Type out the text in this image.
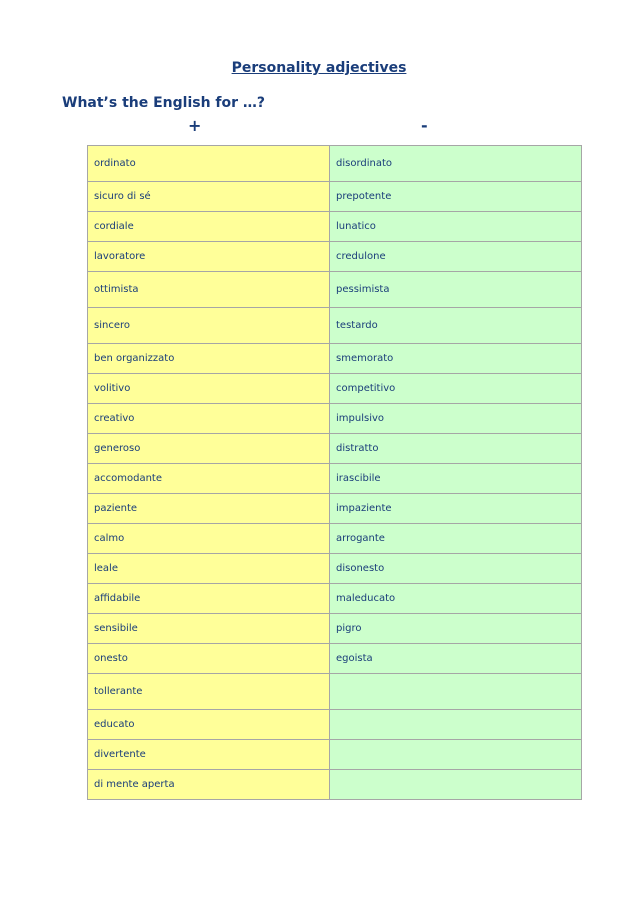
Personality adjectives
What’s the English for …?
+	-
ordinato	disordinato
sicuro di sé	prepotente
cordiale	lunatico
lavoratore	credulone
ottimista	pessimista
sincero	testardo
ben organizzato	smemorato
volitivo	competitivo
creativo	impulsivo
generoso	distratto
accomodante	irascibile
paziente	impaziente
calmo	arrogante
leale	disonesto
affidabile	maleducato
sensibile	pigro
onesto	egoista
tollerante	
educato	
divertente	
di mente aperta	
